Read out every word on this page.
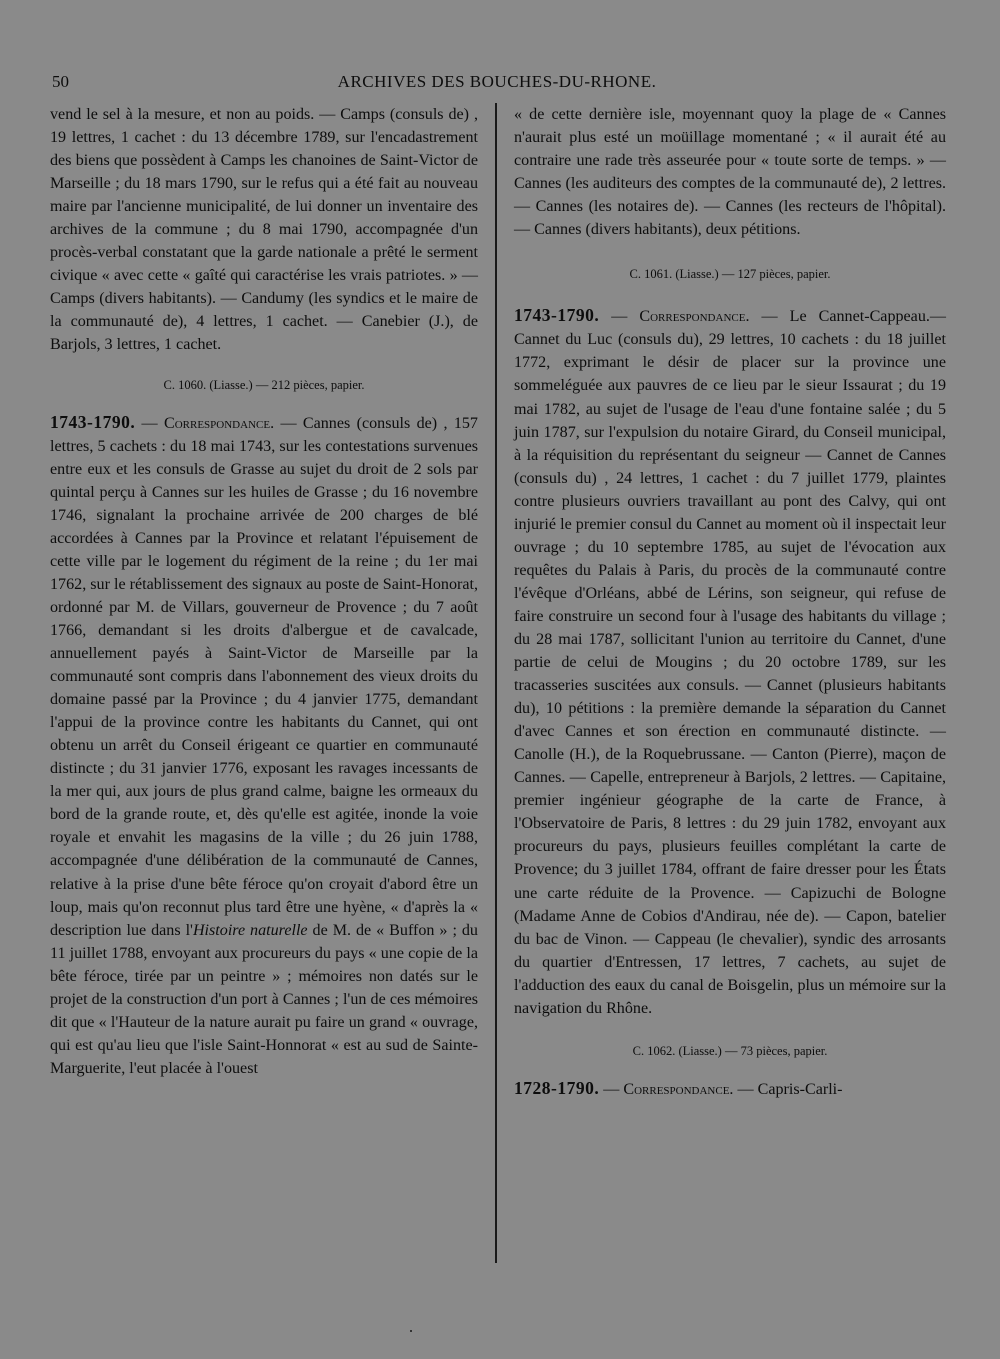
50	ARCHIVES DES BOUCHES-DU-RHONE.

vend le sel à la mesure, et non au poids. — Camps (consuls de) , 19 lettres, 1 cachet : du 13 décembre 1789, sur l'encadastrement des biens que possèdent à Camps les chanoines de Saint-Victor de Marseille ; du 18 mars 1790, sur le refus qui a été fait au nouveau maire par l'ancienne municipalité, de lui donner un inventaire des archives de la commune ; du 8 mai 1790, accompagnée d'un procès-verbal constatant que la garde nationale a prêté le serment civique « avec cette « gaîté qui caractérise les vrais patriotes. » — Camps (divers habitants). — Candumy (les syndics et le maire de la communauté de), 4 lettres, 1 cachet. — Canebier (J.), de Barjols, 3 lettres, 1 cachet.

C. 1060. (Liasse.) — 212 pièces, papier.

1743-1790. — Correspondance. — Cannes (consuls de) , 157 lettres, 5 cachets : du 18 mai 1743, sur les contestations survenues entre eux et les consuls de Grasse au sujet du droit de 2 sols par quintal perçu à Cannes sur les huiles de Grasse ; du 16 novembre 1746, signalant la prochaine arrivée de 200 charges de blé accordées à Cannes par la Province et relatant l'épuisement de cette ville par le logement du régiment de la reine ; du 1er mai 1762, sur le rétablissement des signaux au poste de Saint-Honorat, ordonné par M. de Villars, gouverneur de Provence ; du 7 août 1766, demandant si les droits d'albergue et de cavalcade, annuellement payés à Saint-Victor de Marseille par la communauté sont compris dans l'abonnement des vieux droits du domaine passé par la Province ; du 4 janvier 1775, demandant l'appui de la province contre les habitants du Cannet, qui ont obtenu un arrêt du Conseil érigeant ce quartier en communauté distincte ; du 31 janvier 1776, exposant les ravages incessants de la mer qui, aux jours de plus grand calme, baigne les ormeaux du bord de la grande route, et, dès qu'elle est agitée, inonde la voie royale et envahit les magasins de la ville ; du 26 juin 1788, accompagnée d'une délibération de la communauté de Cannes, relative à la prise d'une bête féroce qu'on croyait d'abord être un loup, mais qu'on reconnut plus tard être une hyène, « d'après la « description lue dans l'Histoire naturelle de M. de « Buffon » ; du 11 juillet 1788, envoyant aux procureurs du pays « une copie de la bête féroce, tirée par un peintre » ; mémoires non datés sur le projet de la construction d'un port à Cannes ; l'un de ces mémoires dit que « l'Hauteur de la nature aurait pu faire un grand « ouvrage, qui est qu'au lieu que l'isle Saint-Honnorat « est au sud de Sainte-Marguerite, l'eut placée à l'ouest

« de cette dernière isle, moyennant quoy la plage de « Cannes n'aurait plus esté un moüillage momentané ; « il aurait été au contraire une rade très asseurée pour « toute sorte de temps. » — Cannes (les auditeurs des comptes de la communauté de), 2 lettres. — Cannes (les notaires de). — Cannes (les recteurs de l'hôpital). — Cannes (divers habitants), deux pétitions.

C. 1061. (Liasse.) — 127 pièces, papier.

1743-1790. — Correspondance. — Le Cannet-Cappeau.— Cannet du Luc (consuls du), 29 lettres, 10 cachets : du 18 juillet 1772, exprimant le désir de placer sur la province une sommeléguée aux pauvres de ce lieu par le sieur Issaurat ; du 19 mai 1782, au sujet de l'usage de l'eau d'une fontaine salée ; du 5 juin 1787, sur l'expulsion du notaire Girard, du Conseil municipal, à la réquisition du représentant du seigneur — Cannet de Cannes (consuls du) , 24 lettres, 1 cachet : du 7 juillet 1779, plaintes contre plusieurs ouvriers travaillant au pont des Calvy, qui ont injurié le premier consul du Cannet au moment où il inspectait leur ouvrage ; du 10 septembre 1785, au sujet de l'évocation aux requêtes du Palais à Paris, du procès de la communauté contre l'évêque d'Orléans, abbé de Lérins, son seigneur, qui refuse de faire construire un second four à l'usage des habitants du village ; du 28 mai 1787, sollicitant l'union au territoire du Cannet, d'une partie de celui de Mougins ; du 20 octobre 1789, sur les tracasseries suscitées aux consuls. — Cannet (plusieurs habitants du), 10 pétitions : la première demande la séparation du Cannet d'avec Cannes et son érection en communauté distincte. — Canolle (H.), de la Roquebrussane. — Canton (Pierre), maçon de Cannes. — Capelle, entrepreneur à Barjols, 2 lettres. — Capitaine, premier ingénieur géographe de la carte de France, à l'Observatoire de Paris, 8 lettres : du 29 juin 1782, envoyant aux procureurs du pays, plusieurs feuilles complétant la carte de Provence; du 3 juillet 1784, offrant de faire dresser pour les États une carte réduite de la Provence. — Capizuchi de Bologne (Madame Anne de Cobios d'Andirau, née de). — Capon, batelier du bac de Vinon. — Cappeau (le chevalier), syndic des arrosants du quartier d'Entressen, 17 lettres, 7 cachets, au sujet de l'adduction des eaux du canal de Boisgelin, plus un mémoire sur la navigation du Rhône.

C. 1062. (Liasse.) — 73 pièces, papier.

1728-1790. — Correspondance. — Capris-Carli-
